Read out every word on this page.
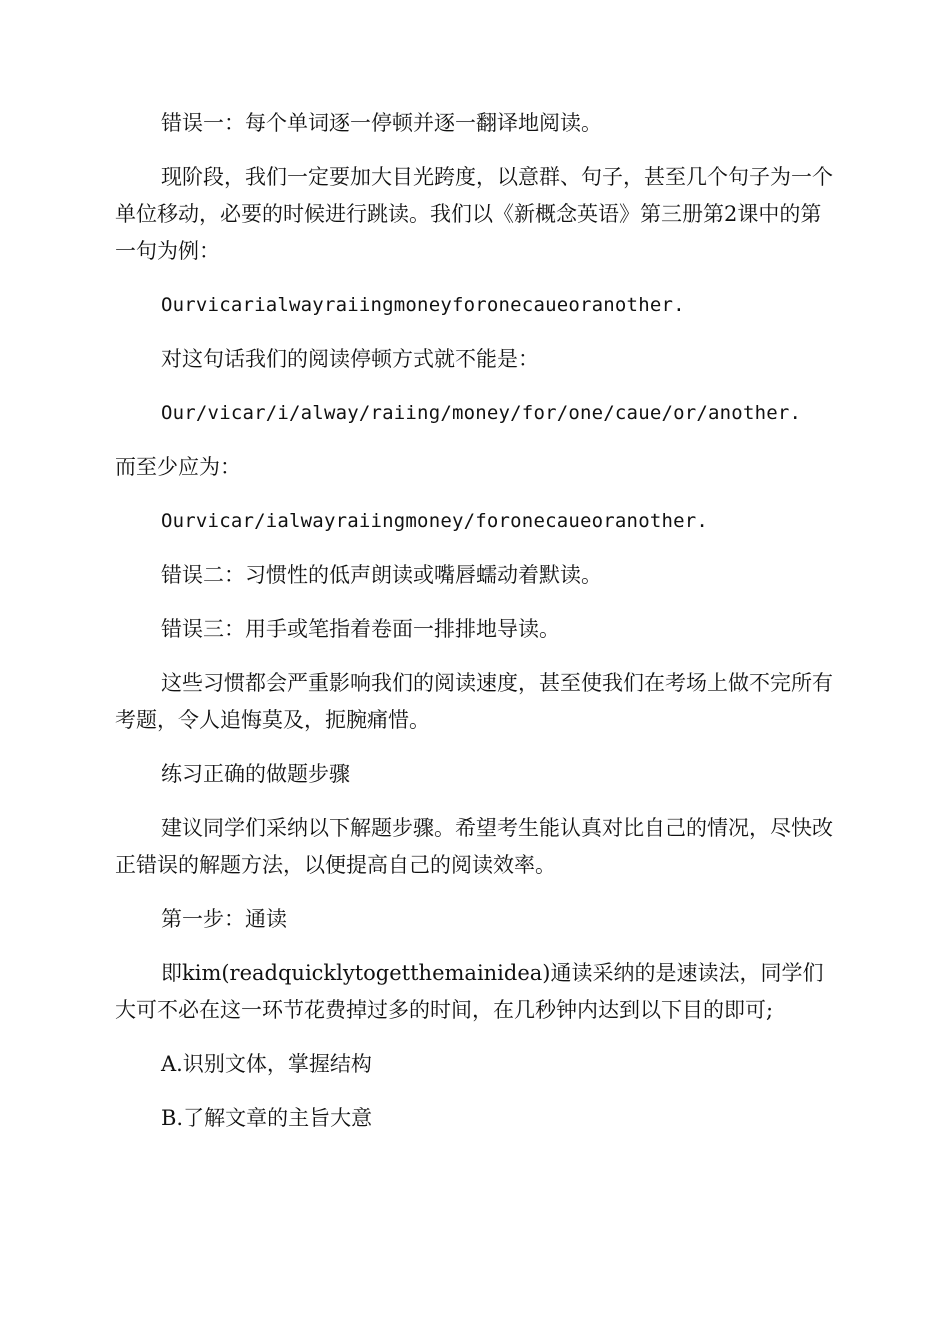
错误一：每个单词逐一停顿并逐一翻译地阅读。

现阶段，我们一定要加大目光跨度，以意群、句子，甚至几个句子为一个单位移动，必要的时候进行跳读。我们以《新概念英语》第三册第2课中的第一句为例：

Ourvicarialwayraiingmoneyforonecaueoranother.

对这句话我们的阅读停顿方式就不能是：

Our/vicar/i/alway/raiing/money/for/one/caue/or/another.

而至少应为：

Ourvicar/ialwayraiingmoney/foronecaueoranother.

错误二：习惯性的低声朗读或嘴唇蠕动着默读。

错误三：用手或笔指着卷面一排排地导读。

这些习惯都会严重影响我们的阅读速度，甚至使我们在考场上做不完所有考题，令人追悔莫及，扼腕痛惜。

练习正确的做题步骤

建议同学们采纳以下解题步骤。希望考生能认真对比自己的情况，尽快改正错误的解题方法，以便提高自己的阅读效率。

第一步：通读

即kim(readquicklytogetthemainidea)通读采纳的是速读法，同学们大可不必在这一环节花费掉过多的时间，在几秒钟内达到以下目的即可;

A.识别文体，掌握结构

B.了解文章的主旨大意
